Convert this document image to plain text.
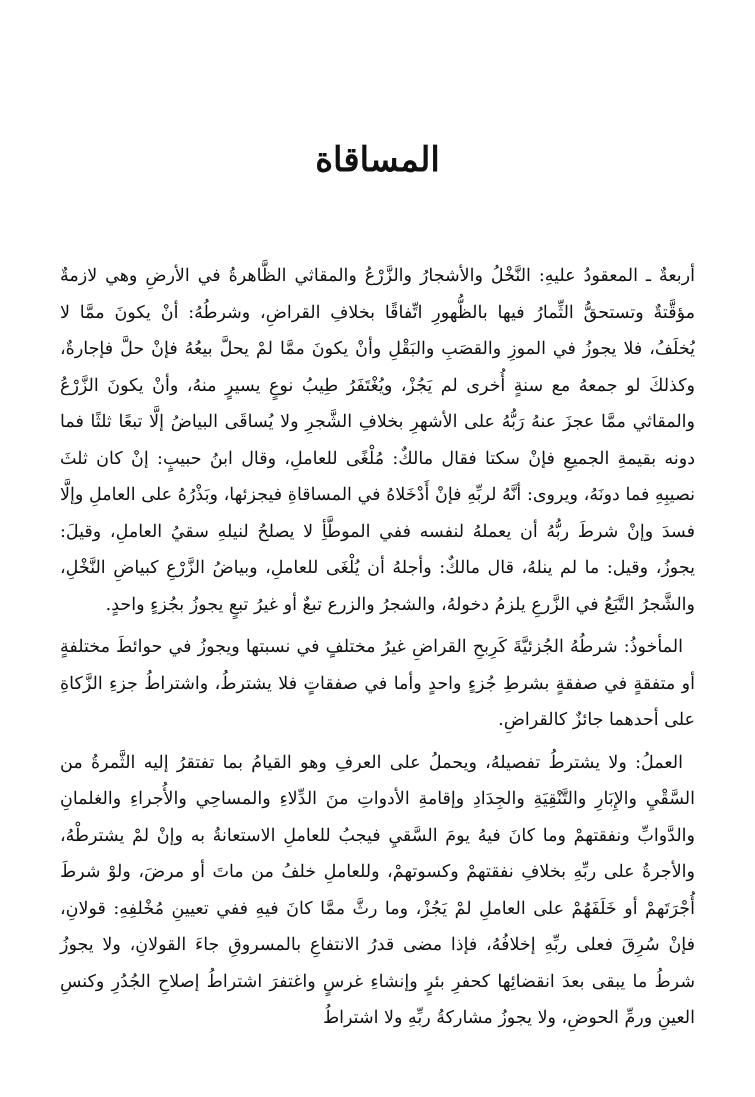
المساقاة

أربعةٌ ـ المعقودُ عليهِ: النَّخْلُ والأشجارُ والزَّرْعُ والمقاثي الظَّاهرةُ في الأرضِ وهي لازمةٌ مؤقَّتةٌ وتستحقُّ الثِّمارُ فيها بالظُّهورِ اتِّفاقًا بخلافِ القراضِ، وشرطُهُ: أنْ يكونَ ممَّا لا يُخلَفُ، فلا يجوزُ في الموزِ والقصَبِ والبَقْلِ وأنْ يكونَ ممَّا لمْ يحلَّ بيعُهُ فإنْ حلَّ فإجارةٌ، وكذلكَ لو جمعهُ مع سنةٍ أُخرى لم يَجُزْ، ويُغْتَفَرُ طِيبُ نوعٍ يسيرٍ منهُ، وأنْ يكونَ الزَّرْعُ والمقاثي ممَّا عجزَ عنهُ رَبُّهُ على الأشهرِ بخلافِ الشَّجرِ ولا يُساقَى البياضُ إلَّا تبعًا ثلثًا فما دونه بقيمةِ الجميعِ فإنْ سكتا فقال مالكٌ: مُلْغًى للعاملِ، وقال ابنُ حبيبٍ: إنْ كان ثلثَ نصيبِهِ فما دونَهُ، ويروى: أنَّهُ لربِّهِ فإنْ أَدْخَلاهُ في المساقاةِ فيجزئها، وبَذْرُهُ على العاملِ وإلَّا فسدَ وإنْ شرطَ ربُّهُ أن يعملهُ لنفسه ففي الموطَّأِ لا يصلحُ لنيلهِ سقيُ العاملِ، وقيلَ: يجوزُ، وقيل: ما لم ينلهُ، قال مالكٌ: وأجلهُ أن يُلْغَى للعاملِ، وبياضُ الزَّرْعِ كبياضِ النَّخْلِ، والشَّجرُ التَّبَعُ في الزَّرعِ يلزمُ دخولهُ، والشجرُ والزرع تبعٌ أو غيرُ تبعٍ يجوزُ بجُزءٍ واحدٍ.

المأخوذُ: شرطُهُ الجُزئيَّةَ كَرِبحِ القراضِ غيرُ مختلفٍ في نسبتها ويجوزُ في حوائطَ مختلفةٍ أو متفقةٍ في صفقةٍ بشرطِ جُزءٍ واحدٍ وأما في صفقاتٍ فلا يشترطُ، واشتراطُ جزءِ الزَّكاةِ على أحدهما جائزٌ كالقراضِ.

العملُ: ولا يشترطُ تفصيلهُ، ويحملُ على العرفِ وهو القيامُ بما تفتقرُ إليه الثَّمرةُ من السَّقْيِ والإِبَارِ والتَّنْقِيَةِ والجِدَادِ وإقامةِ الأدواتِ منَ الدِّلاءِ والمساحِي والأُجراءِ والغلمانِ والدَّوابِّ ونفقتهمْ وما كانَ فيهُ يومَ السَّقيِ فيجبُ للعاملِ الاستعانةُ به وإنْ لمْ يشترطْهُ، والأجرةُ على ربِّهِ بخلافِ نفقتهمْ وكسوتهمْ، وللعاملِ خلفُ من ماتَ أو مرضَ، ولوْ شرطَ أُجْرَتَهمْ أو خَلَفَهُمْ على العاملِ لمْ يَجُزْ، وما رثَّ ممَّا كانَ فيهِ ففي تعيينِ مُخْلفِهِ: قولانِ، فإنْ سُرِقَ فعلى ربِّهِ إخلافُهُ، فإذا مضى قدرُ الانتفاعِ بالمسروقِ جاءَ القولانِ، ولا يجوزُ شرطُ ما يبقى بعدَ انقضائِها كحفرِ بئرٍ وإنشاءِ غرسٍ واغتفرَ اشتراطُ إصلاحِ الجُدُرِ وكنسِ العينِ ورمِّ الحوضِ، ولا يجوزُ مشاركةُ ربِّهِ ولا اشتراطُ
